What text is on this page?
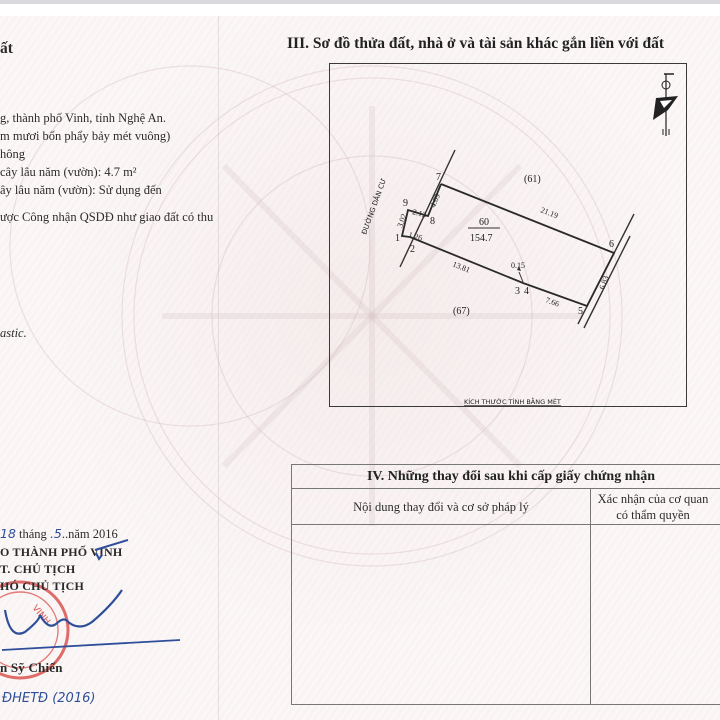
ất
g, thành phố Vinh, tỉnh Nghệ An.
m mươi bốn phẩy bảy mét vuông)
hông
cây lâu năm (vườn): 4.7 m²
ây lâu năm (vườn): Sử dụng đến
ược Công nhận QSDĐ như giao đất có thu
astic.
VINH
18 tháng .5..năm 2016
O THÀNH PHỐ VINH
T. CHỦ TỊCH
HÓ CHỦ TỊCH
n Sỹ Chiến
ĐHETĐ (2016)
III. Sơ đồ thửa đất, nhà ở và tài sản khác gắn liền với đất
1
2
3 4
5
6
7
8
9
3.02 2.13
4.09
21.19
6.83
7.66
13.81
1.26
0.15
60
154.7
(61)
(67)
ĐƯỜNG DÂN CƯ
KÍCH THƯỚC TÍNH BẰNG MÉT
IV. Những thay đổi sau khi cấp giấy chứng nhận
Nội dung thay đổi và cơ sở pháp lý
Xác nhận của cơ quan
có thẩm quyền
